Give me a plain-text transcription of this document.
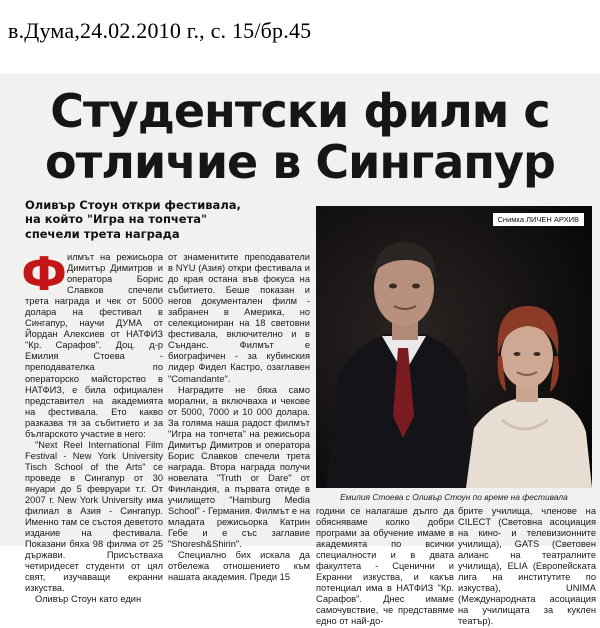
в.Дума,24.02.2010 г., с. 15/бр.45
Студентски филм с
отличие в Сингапур
Оливър Стоун откри фестивала,
на който "Игра на топчета"
спечели трета награда
Ф илмът на режисьора Димитър Димитров и оператора Борис Славков спечели трета награда и чек от 5000 долара на фестивал в Сингапур, научи ДУМА от Йордан Алексиев от НАТФИЗ "Кр. Сарафов". Доц. д-р Емилия Стоева - преподавателка по операторско майсторство в НАТФИЗ, е била официален представител на академията на фестивала. Ето какво разказва тя за събитието и за българското участие в него:

"Next Reel International Film Festival - New York University Tisch School of the Arts" се проведе в Сингапур от 30 януари до 5 февруари т.г. От 2007 г. New York University има филиал в Азия - Сингапур. Именно там се състоя деветото издание на фестивала. Показани бяха 98 филма от 25 държави. Присъстваха четиридесет студенти от цял свят, изучаващи екранни изкуства.

Оливър Стоун като един

от знаменитите преподаватели в NYU (Азия) откри фестивала и до края остана във фокуса на събитието. Беше показан и негов документален филм - забранен в Америка, но селекциониран на 18 световни фестивала, включително и в Сънданс. Филмът е биографичен - за кубинския лидер Фидел Кастро, озаглавен "Comandante".

Наградите не бяха само морални, а включваха и чекове от 5000, 7000 и 10 000 долара. За голяма наша радост филмът "Игра на топчета" на режисьора Димитър Димитров и оператора Борис Славков спечели трета награда. Втора награда получи новелата "Truth or Dare" от Финландия, а първата отиде в училището "Hamburg Media School" - Германия. Филмът е на младата режисьорка Катрин Гебе и е със заглавие "Shoresh&Shirin".

Специално бих искала да отбележа отношението към нашата академия. Преди 15

Снимка ЛИЧЕН АРХИВ
Емилия Стоева с Оливър Стоун по време на фестивала

години се налагаше дълго да обясняваме колко добри програми за обучение имаме в академията по всички специалности и в двата факултета - Сценични и Екранни изкуства, и какъв потенциал има в НАТФИЗ "Кр. Сарафов". Днес имаме самочувствие, че представяме едно от най-до-

брите училища, членове на CILECT (Световна асоциация на кино- и телевизионните училища), GATS (Световен алианс на театралните училища), ELIA (Европейската лига на институтите по изкуства), UNIMA (Международната асоциация на училищата за куклен театър).
